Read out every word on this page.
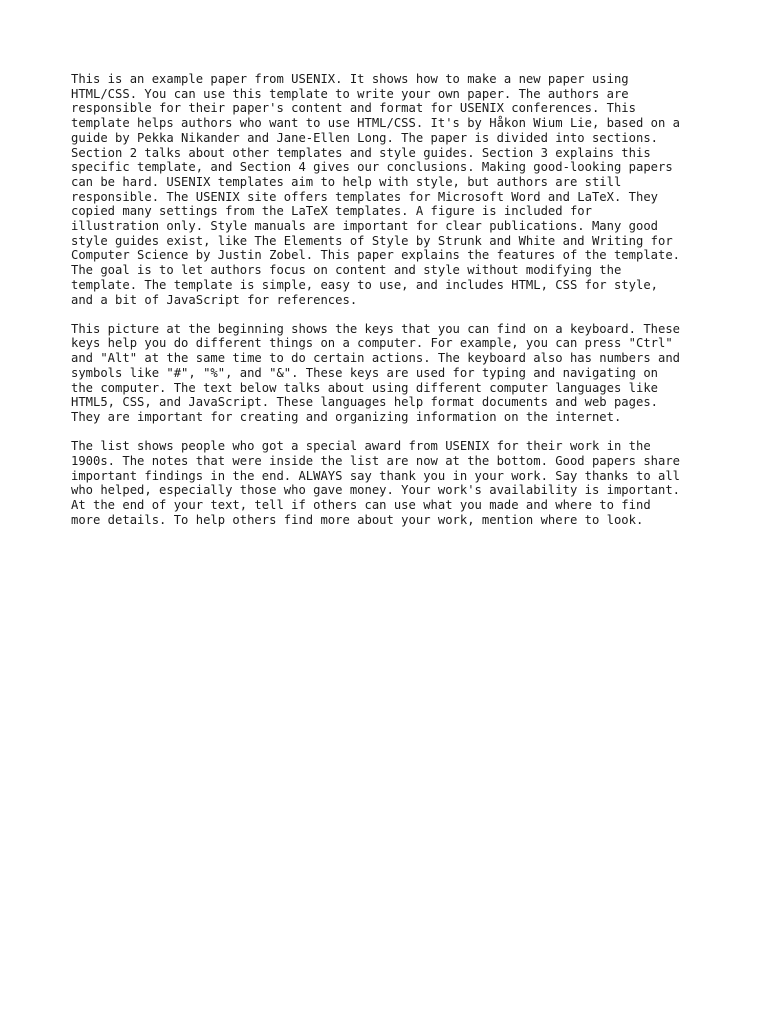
This is an example paper from USENIX. It shows how to make a new paper using
HTML/CSS. You can use this template to write your own paper. The authors are
responsible for their paper's content and format for USENIX conferences. This
template helps authors who want to use HTML/CSS. It's by Håkon Wium Lie, based on a
guide by Pekka Nikander and Jane-Ellen Long. The paper is divided into sections.
Section 2 talks about other templates and style guides. Section 3 explains this
specific template, and Section 4 gives our conclusions. Making good-looking papers
can be hard. USENIX templates aim to help with style, but authors are still
responsible. The USENIX site offers templates for Microsoft Word and LaTeX. They
copied many settings from the LaTeX templates. A figure is included for
illustration only. Style manuals are important for clear publications. Many good
style guides exist, like The Elements of Style by Strunk and White and Writing for
Computer Science by Justin Zobel. This paper explains the features of the template.
The goal is to let authors focus on content and style without modifying the
template. The template is simple, easy to use, and includes HTML, CSS for style,
and a bit of JavaScript for references.

This picture at the beginning shows the keys that you can find on a keyboard. These
keys help you do different things on a computer. For example, you can press "Ctrl"
and "Alt" at the same time to do certain actions. The keyboard also has numbers and
symbols like "#", "%", and "&". These keys are used for typing and navigating on
the computer. The text below talks about using different computer languages like
HTML5, CSS, and JavaScript. These languages help format documents and web pages.
They are important for creating and organizing information on the internet.

The list shows people who got a special award from USENIX for their work in the
1900s. The notes that were inside the list are now at the bottom. Good papers share
important findings in the end. ALWAYS say thank you in your work. Say thanks to all
who helped, especially those who gave money. Your work's availability is important.
At the end of your text, tell if others can use what you made and where to find
more details. To help others find more about your work, mention where to look.
